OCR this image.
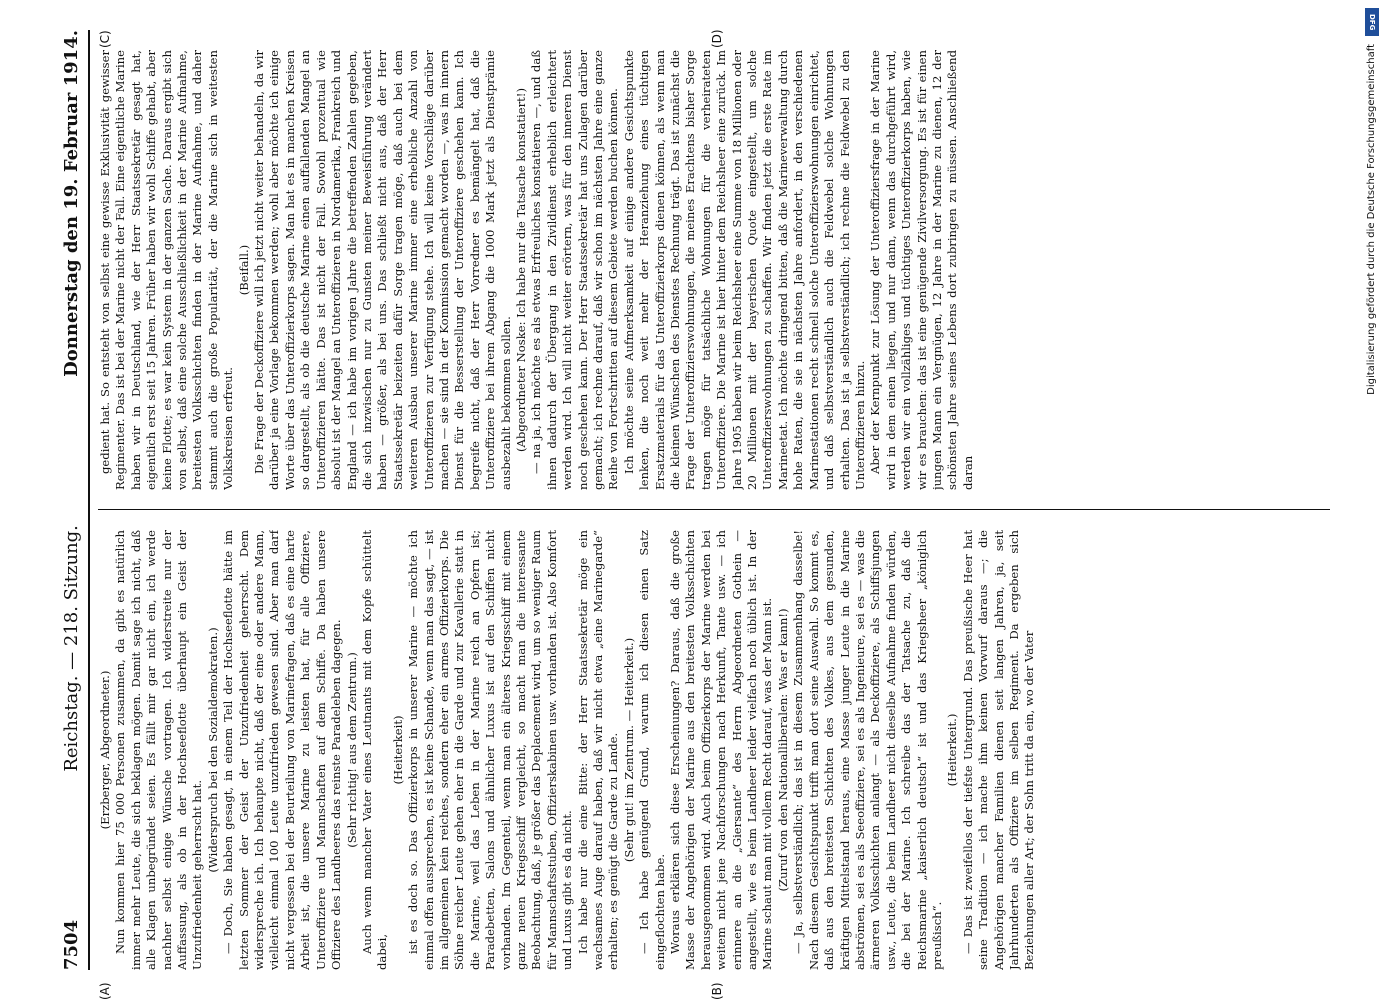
7504
Reichstag. — 218. Sitzung.
Donnerstag den 19. Februar 1914.

(Erzberger, Abgeordneter.) Nun kommen hier 75 000 Personen zusammen, da gibt es natürlich immer mehr Leute, die sich beklagen mögen. Damit sage ich nicht, daß alle Klagen unbegründet seien. Es fällt mir gar nicht ein, ich werde nachher selbst einige Wünsche vortragen. Ich widerstreite nur der Auffassung, als ob in der Hochseeflotte überhaupt ein Geist der Unzufriedenheit geherrscht hat.

(Widerspruch bei den Sozialdemokraten.) — Doch, Sie haben gesagt, in einem Teil der Hochseeflotte hätte im letzten Sommer der Geist der Unzufriedenheit geherrscht. Dem widerspreche ich. Ich behaupte nicht, daß der eine oder andere Mann, vielleicht einmal 100 Leute unzufrieden gewesen sind. Aber man darf nicht vergessen bei der Beurteilung von Marinefragen, daß es eine harte Arbeit ist, die unsere Marine zu leisten hat, für alle Offiziere, Unteroffiziere und Mannschaften auf dem Schiffe. Da haben unsere Offiziere des Landheeres das reinste Paradeleben dagegen. (Sehr richtig! aus dem Zentrum.) Auch wenn mancher Vater eines Leutnants mit dem Kopfe schüttelt dabei,

(Heiterkeit) ist es doch so. Das Offizierkorps in unserer Marine — möchte ich einmal offen aussprechen, es ist keine Schande, wenn man das sagt, — ist im allgemeinen kein reiches, sondern eher ein armes Offizierkorps. Die Söhne reicher Leute gehen eher in die Garde und zur Kavallerie statt in die Marine, weil das Leben in der Marine reich an Opfern ist; Paradebetten, Salons und ähnlicher Luxus ist auf den Schiffen nicht vorhanden. Im Gegenteil, wenn man ein älteres Kriegsschiff mit einem ganz neuen Kriegsschiff vergleicht, so macht man die interessante Beobachtung, daß, je größer das Deplacement wird, um so weniger Raum für Mannschaftsstuben, Offizierskabinen usw. vorhanden ist. Also Komfort und Luxus gibt es da nicht. Ich habe nur die eine Bitte: der Herr Staatssekretär möge ein wachsames Auge darauf haben, daß wir nicht etwa „eine Marinegarde“ erhalten; es genügt die Garde zu Lande. (Sehr gut! im Zentrum. — Heiterkeit.) — Ich habe genügend Grund, warum ich diesen einen Satz eingeflochten habe. Woraus erklären sich diese Erscheinungen? Daraus, daß die große Masse der Angehörigen der Marine aus den breitesten Volksschichten herausgenommen wird. Auch beim Offizierkorps der Marine werden bei weitem nicht jene Nachforschungen nach Herkunft, Tante usw. — ich erinnere an die „Giersante“ des Herrn Abgeordneten Gothein — angestellt, wie es beim Landheer leider vielfach noch üblich ist. In der Marine schaut man mit vollem Recht darauf, was der Mann ist. (Zuruf von den Nationalliberalen: Was er kann!) — Ja, selbstverständlich; das ist in diesem Zusammenhang dasselbe! Nach diesem Gesichtspunkt trifft man dort seine Auswahl. So kommt es, daß aus den breitesten Schichten des Volkes, aus dem gesunden, kräftigen Mittelstand heraus, eine Masse junger Leute in die Marine abströmen, sei es als Seeoffiziere, sei es als Ingenieure, sei es — was die ärmeren Volksschichten anlangt — als Deckoffiziere, als Schiffsjungen usw., Leute, die beim Landheer nicht dieselbe Aufnahme finden würden, die bei der Marine. Ich schreibe das der Tatsache zu, daß die Reichsmarine „kaiserlich deutsch“ ist und das Kriegsheer „königlich preußisch“.

(Heiterkeit.) — Das ist zweifellos der tiefste Untergrund. Das preußische Heer hat seine Tradition — ich mache ihm keinen Vorwurf daraus —; die Angehörigen mancher Familien dienen seit langen Jahren, ja, seit Jahrhunderten als Offiziere im selben Regiment. Da ergeben sich Beziehungen aller Art; der Sohn tritt da ein, wo der Vater

gedient hat. So entsteht von selbst eine gewisse Exklusivität gewisser Regimenter. Das ist bei der Marine nicht der Fall. Eine eigentliche Marine haben wir in Deutschland, wie der Herr Staatssekretär gesagt hat, eigentlich erst seit 15 Jahren. Früher haben wir wohl Schiffe gehabt, aber keine Flotte; es war kein System in der ganzen Sache. Daraus ergibt sich von selbst, daß eine solche Ausschließlichkeit in der Marine Aufnahme, breitesten Volksschichten finden in der Marine Aufnahme, und daher stammt auch die große Popularität, der die Marine sich in weitesten Volkskreisen erfreut.

(Beifall.) Die Frage der Deckoffiziere will ich jetzt nicht weiter behandeln, da wir darüber ja eine Vorlage bekommen werden; wohl aber möchte ich einige Worte über das Unteroffizierkorps sagen. Man hat es in manchen Kreisen so dargestellt, als ob die deutsche Marine einen auffallenden Mangel an Unteroffizieren hätte. Das ist nicht der Fall. Sowohl prozentual wie absolut ist der Mangel an Unteroffizieren in Nordamerika, Frankreich und England — ich habe im vorigen Jahre die betreffenden Zahlen gegeben, die sich inzwischen nur zu Gunsten meiner Beweisführung verändert haben — größer, als bei uns. Das schließt nicht aus, daß der Herr Staatssekretär beizeiten dafür Sorge tragen möge, daß auch bei dem weiteren Ausbau unserer Marine immer eine erhebliche Anzahl von Unteroffizieren zur Verfügung stehe. Ich will keine Vorschläge darüber machen — sie sind in der Kommission gemacht worden —, was im innern Dienst für die Besserstellung der Unteroffiziere geschehen kann. Ich begreife nicht, daß der Herr Vorredner es bemängelt hat, daß die Unteroffiziere bei ihrem Abgang die 1000 Mark jetzt als Dienstprämie ausbezahlt bekommen sollen. (Abgeordneter Noske: Ich habe nur die Tatsache konstatiert!) — na ja, ich möchte es als etwas Erfreuliches konstatieren —, und daß ihnen dadurch der Übergang in den Zivildienst erheblich erleichtert werden wird. Ich will nicht weiter erörtern, was für den inneren Dienst noch geschehen kann. Der Herr Staatssekretär hat uns Zulagen darüber gemacht; ich rechne darauf, daß wir schon im nächsten Jahre eine ganze Reihe von Fortschritten auf diesem Gebiete werden buchen können. Ich möchte seine Aufmerksamkeit auf einige andere Gesichtspunkte lenken, die noch weit mehr der Heranziehung eines tüchtigen Ersatzmaterials für das Unteroffizierkorps dienen können, als wenn man die kleinen Wünschen des Dienstes Rechnung trägt. Das ist zunächst die Frage der Unteroffizierswohnungen, die meines Erachtens bisher Sorge tragen möge für tatsächliche Wohnungen für die verheirateten Unteroffiziere. Die Marine ist hier hinter dem Reichsheer eine zurück. Im Jahre 1905 haben wir beim Reichsheer eine Summe von 18 Millionen oder 20 Millionen mit der bayerischen Quote eingestellt, um solche Unteroffizierswohnungen zu schaffen. Wir finden jetzt die erste Rate im Marineetat. Ich möchte dringend bitten, daß die Marineverwaltung durch hohe Raten, die sie in nächsten Jahre anfordert, in den verschiedenen Marinestationen recht schnell solche Unteroffizierswohnungen einrichtet, und daß selbstverständlich auch die Feldwebel solche Wohnungen erhalten. Das ist ja selbstverständlich; ich rechne die Feldwebel zu den Unteroffizieren hinzu. Aber der Kernpunkt zur Lösung der Unteroffiziersfrage in der Marine wird in dem einen liegen, und nur dann, wenn das durchgeführt wird, werden wir ein vollzähliges und tüchtiges Unteroffizierkorps haben, wie wir es brauchen: das ist eine genügende Zivilversorgung. Es ist für einen jungen Mann ein Vergnügen, 12 Jahre in der Marine zu dienen, 12 der schönsten Jahre seines Lebens dort zubringen zu müssen. Anschließend daran

(A)	(B)
(C)	(D)
DFG
Digitalisierung gefördert durch die Deutsche Forschungsgemeinschaft
